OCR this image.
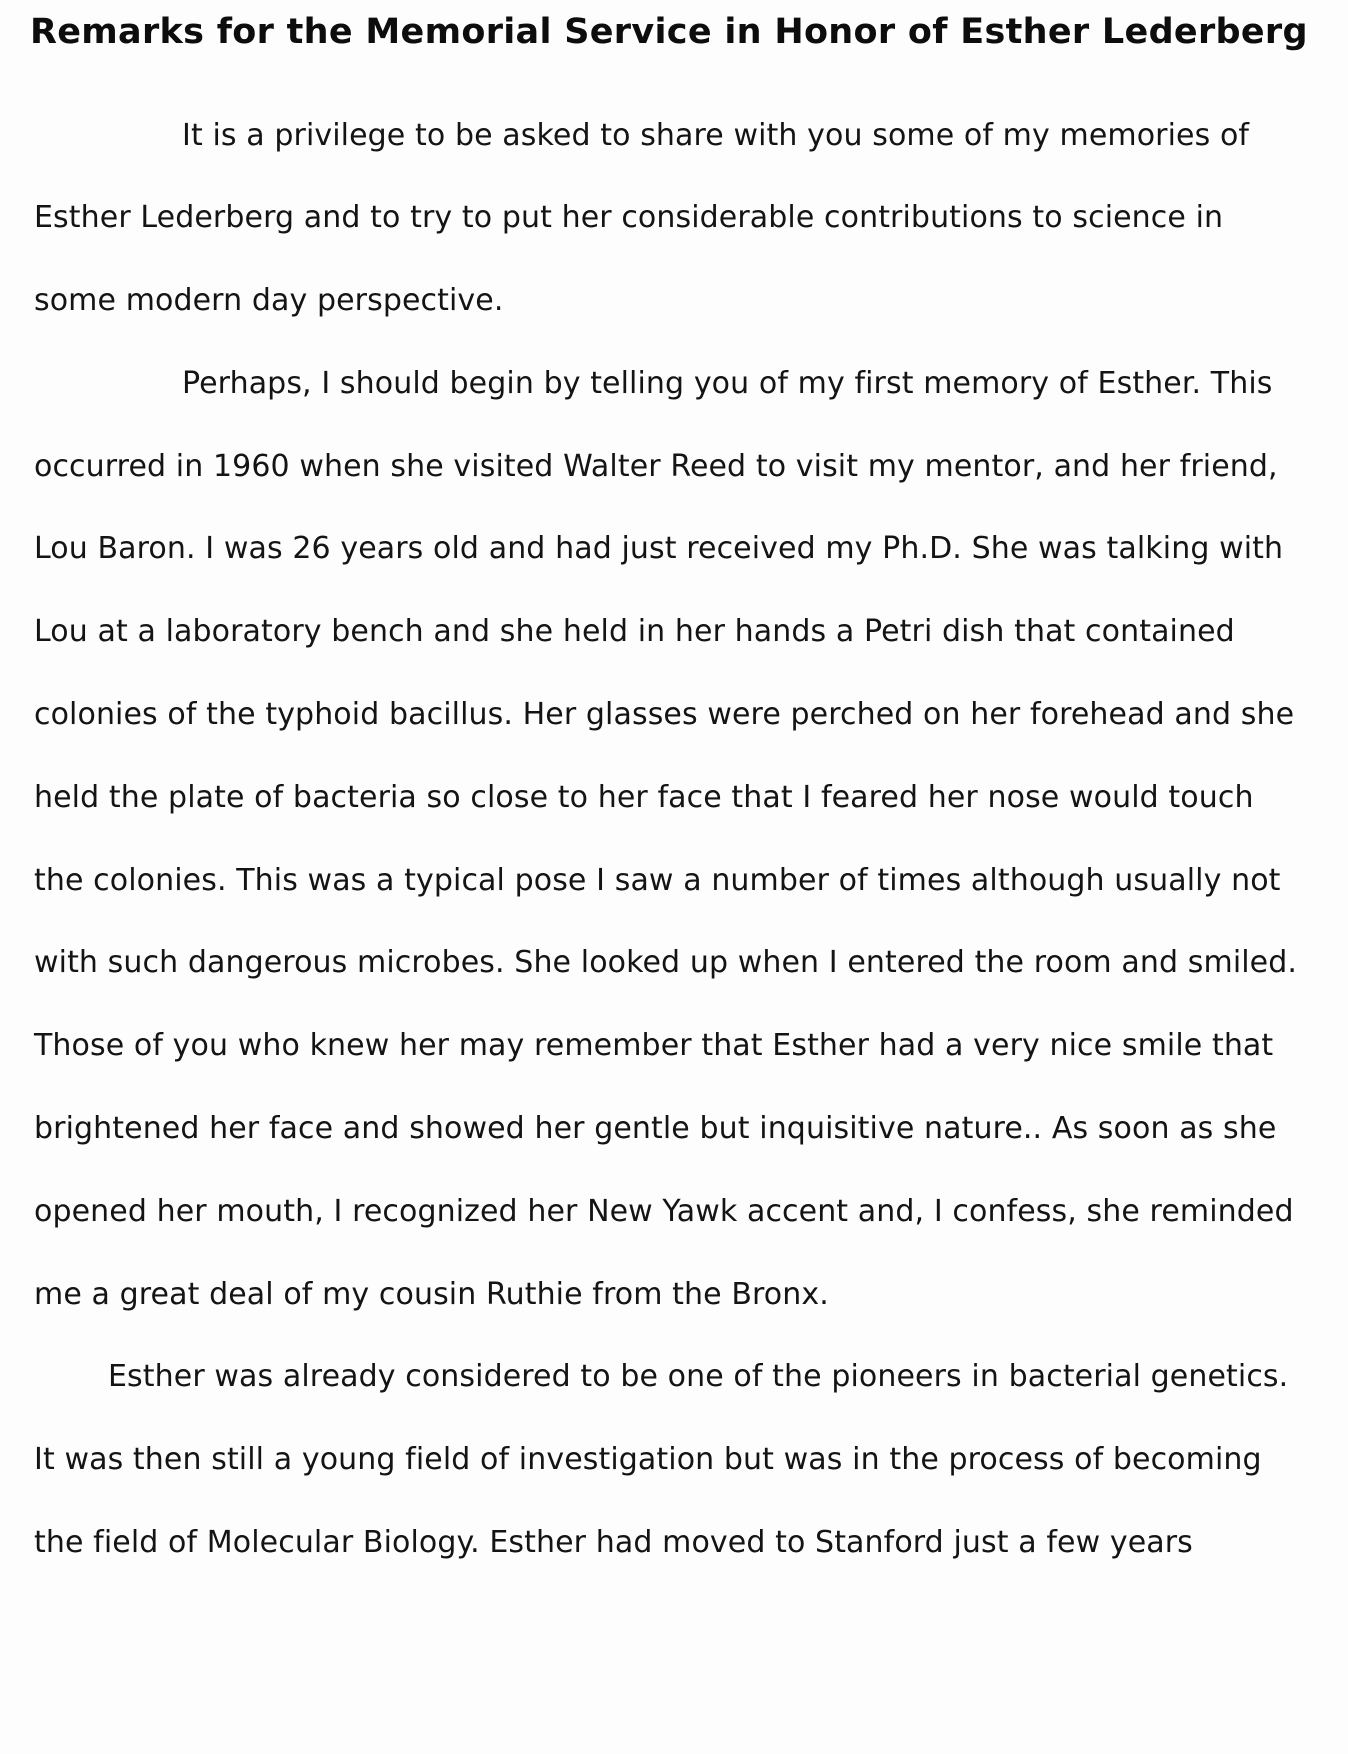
Remarks for the Memorial Service in Honor of Esther Lederberg
It is a privilege to be asked to share with you some of my memories of
Esther Lederberg and to try to put her considerable contributions to science in
some modern day perspective.
Perhaps, I should begin by telling you of my first memory of Esther. This
occurred in 1960 when she visited Walter Reed to visit my mentor, and her friend,
Lou Baron. I was 26 years old and had just received my Ph.D. She was talking with
Lou at a laboratory bench and she held in her hands a Petri dish that contained
colonies of the typhoid bacillus. Her glasses were perched on her forehead and she
held the plate of bacteria so close to her face that I feared her nose would touch
the colonies. This was a typical pose I saw a number of times although usually not
with such dangerous microbes. She looked up when I entered the room and smiled.
Those of you who knew her may remember that Esther had a very nice smile that
brightened her face and showed her gentle but inquisitive nature.. As soon as she
opened her mouth, I recognized her New Yawk accent and, I confess, she reminded
me a great deal of my cousin Ruthie from the Bronx.
Esther was already considered to be one of the pioneers in bacterial genetics.
It was then still a young field of investigation but was in the process of becoming
the field of Molecular Biology. Esther had moved to Stanford just a few years
